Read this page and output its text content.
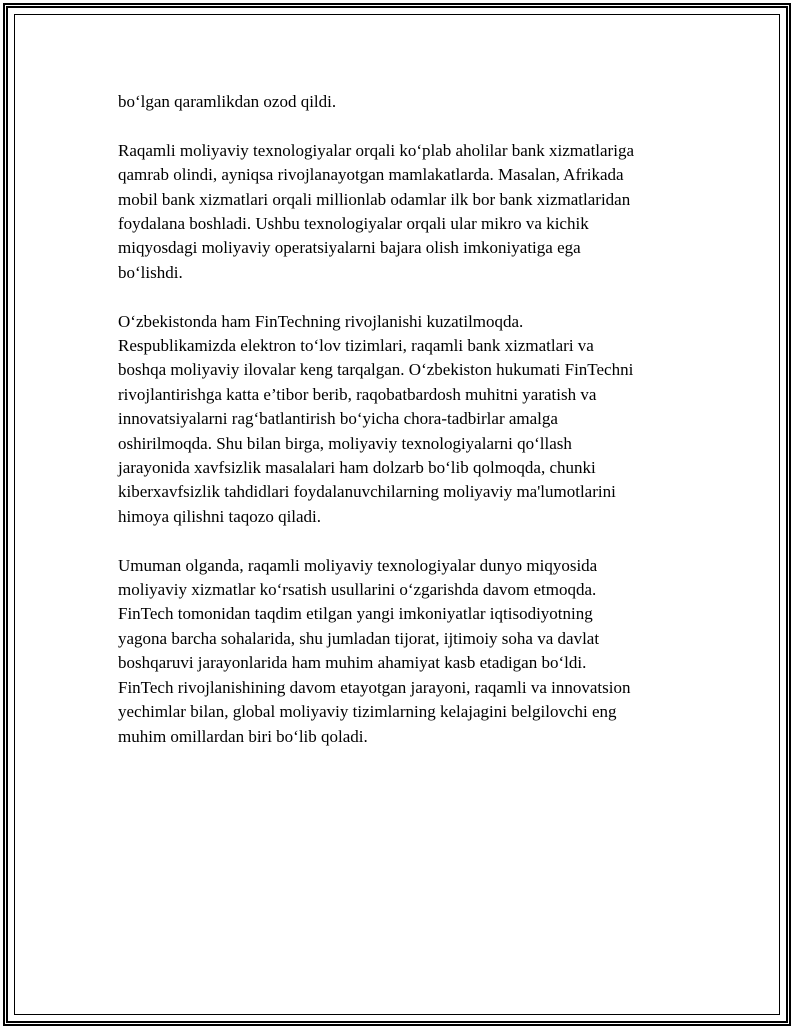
bo‘lgan qaramlikdan ozod qildi.

Raqamli moliyaviy texnologiyalar orqali ko‘plab aholilar bank xizmatlariga
qamrab olindi, ayniqsa rivojlanayotgan mamlakatlarda. Masalan, Afrikada
mobil bank xizmatlari orqali millionlab odamlar ilk bor bank xizmatlaridan
foydalana boshladi. Ushbu texnologiyalar orqali ular mikro va kichik
miqyosdagi moliyaviy operatsiyalarni bajara olish imkoniyatiga ega
bo‘lishdi.

O‘zbekistonda ham FinTechning rivojlanishi kuzatilmoqda.
Respublikamizda elektron to‘lov tizimlari, raqamli bank xizmatlari va
boshqa moliyaviy ilovalar keng tarqalgan. O‘zbekiston hukumati FinTechni
rivojlantirishga katta e’tibor berib, raqobatbardosh muhitni yaratish va
innovatsiyalarni rag‘batlantirish bo‘yicha chora-tadbirlar amalga
oshirilmoqda. Shu bilan birga, moliyaviy texnologiyalarni qo‘llash
jarayonida xavfsizlik masalalari ham dolzarb bo‘lib qolmoqda, chunki
kiberxavfsizlik tahdidlari foydalanuvchilarning moliyaviy ma'lumotlarini
himoya qilishni taqozo qiladi.

Umuman olganda, raqamli moliyaviy texnologiyalar dunyo miqyosida
moliyaviy xizmatlar ko‘rsatish usullarini o‘zgarishda davom etmoqda.
FinTech tomonidan taqdim etilgan yangi imkoniyatlar iqtisodiyotning
yagona barcha sohalarida, shu jumladan tijorat, ijtimoiy soha va davlat
boshqaruvi jarayonlarida ham muhim ahamiyat kasb etadigan bo‘ldi.
FinTech rivojlanishining davom etayotgan jarayoni, raqamli va innovatsion
yechimlar bilan, global moliyaviy tizimlarning kelajagini belgilovchi eng
muhim omillardan biri bo‘lib qoladi.
